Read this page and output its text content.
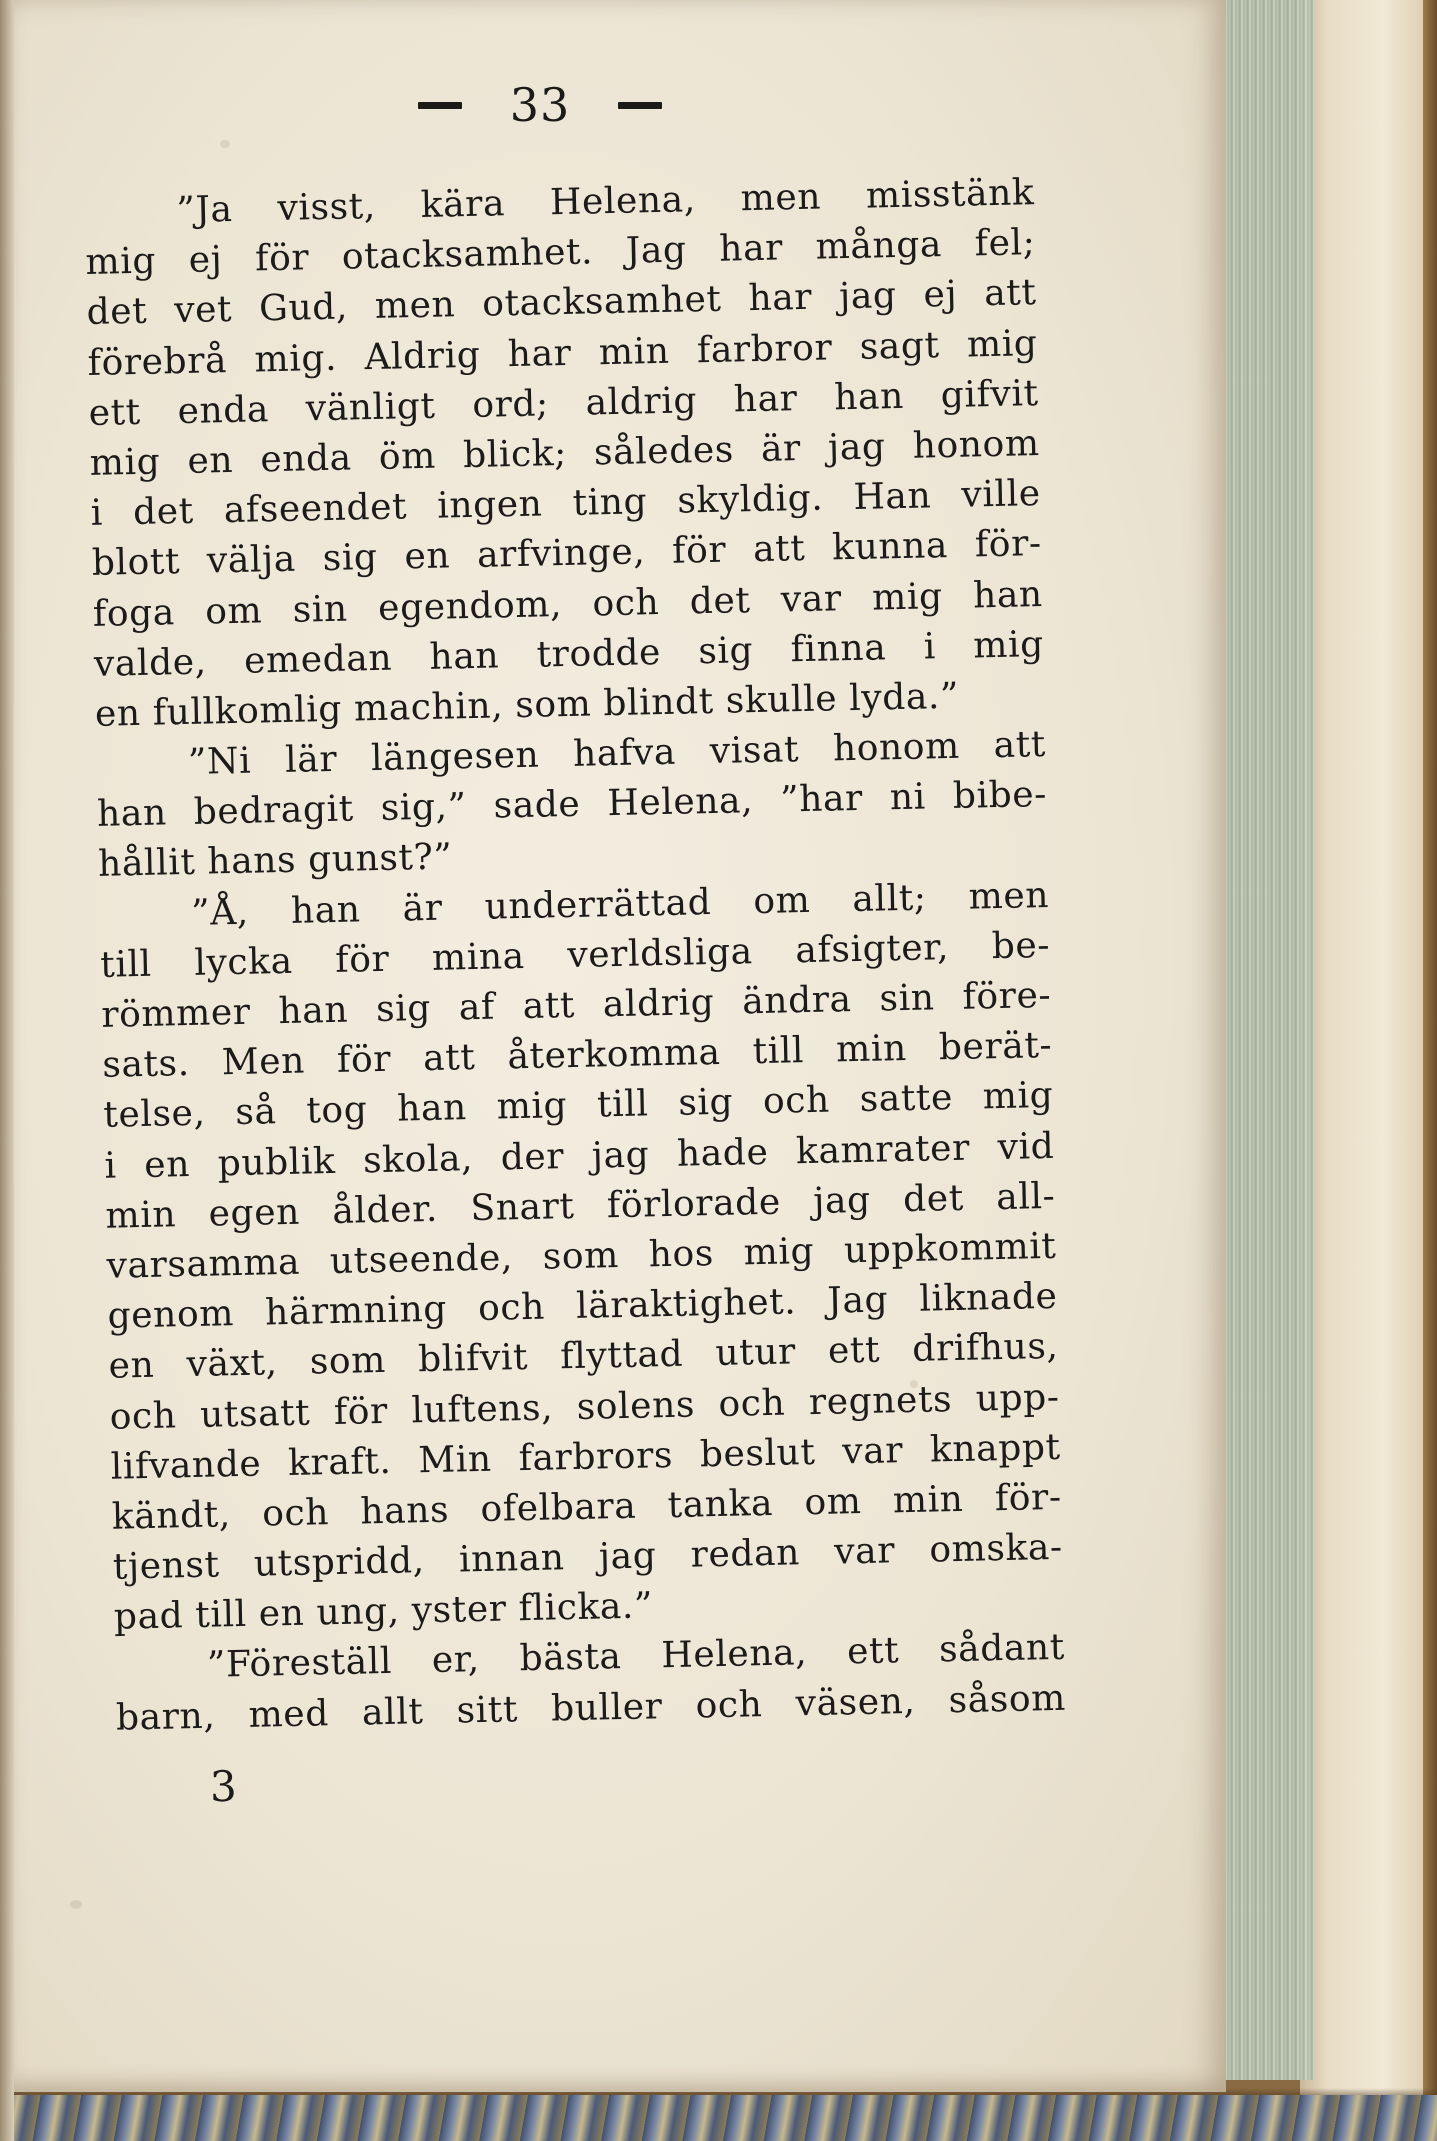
33
”Ja visst, kära Helena, men misstänk
mig ej för otacksamhet. Jag har många fel;
det vet Gud, men otacksamhet har jag ej att
förebrå mig. Aldrig har min farbror sagt mig
ett enda vänligt ord; aldrig har han gifvit
mig en enda öm blick; således är jag honom
i det afseendet ingen ting skyldig. Han ville
blott välja sig en arfvinge, för att kunna för-
foga om sin egendom, och det var mig han
valde, emedan han trodde sig finna i mig
en fullkomlig machin, som blindt skulle lyda.”
”Ni lär längesen hafva visat honom att
han bedragit sig,” sade Helena, ”har ni bibe-
hållit hans gunst?”
”Å, han är underrättad om allt; men
till lycka för mina verldsliga afsigter, be-
römmer han sig af att aldrig ändra sin före-
sats. Men för att återkomma till min berät-
telse, så tog han mig till sig och satte mig
i en publik skola, der jag hade kamrater vid
min egen ålder. Snart förlorade jag det all-
varsamma utseende, som hos mig uppkommit
genom härmning och läraktighet. Jag liknade
en växt, som blifvit flyttad utur ett drifhus,
och utsatt för luftens, solens och regnets upp-
lifvande kraft. Min farbrors beslut var knappt
kändt, och hans ofelbara tanka om min för-
tjenst utspridd, innan jag redan var omska-
pad till en ung, yster flicka.”
”Föreställ er, bästa Helena, ett sådant
barn, med allt sitt buller och väsen, såsom
3
